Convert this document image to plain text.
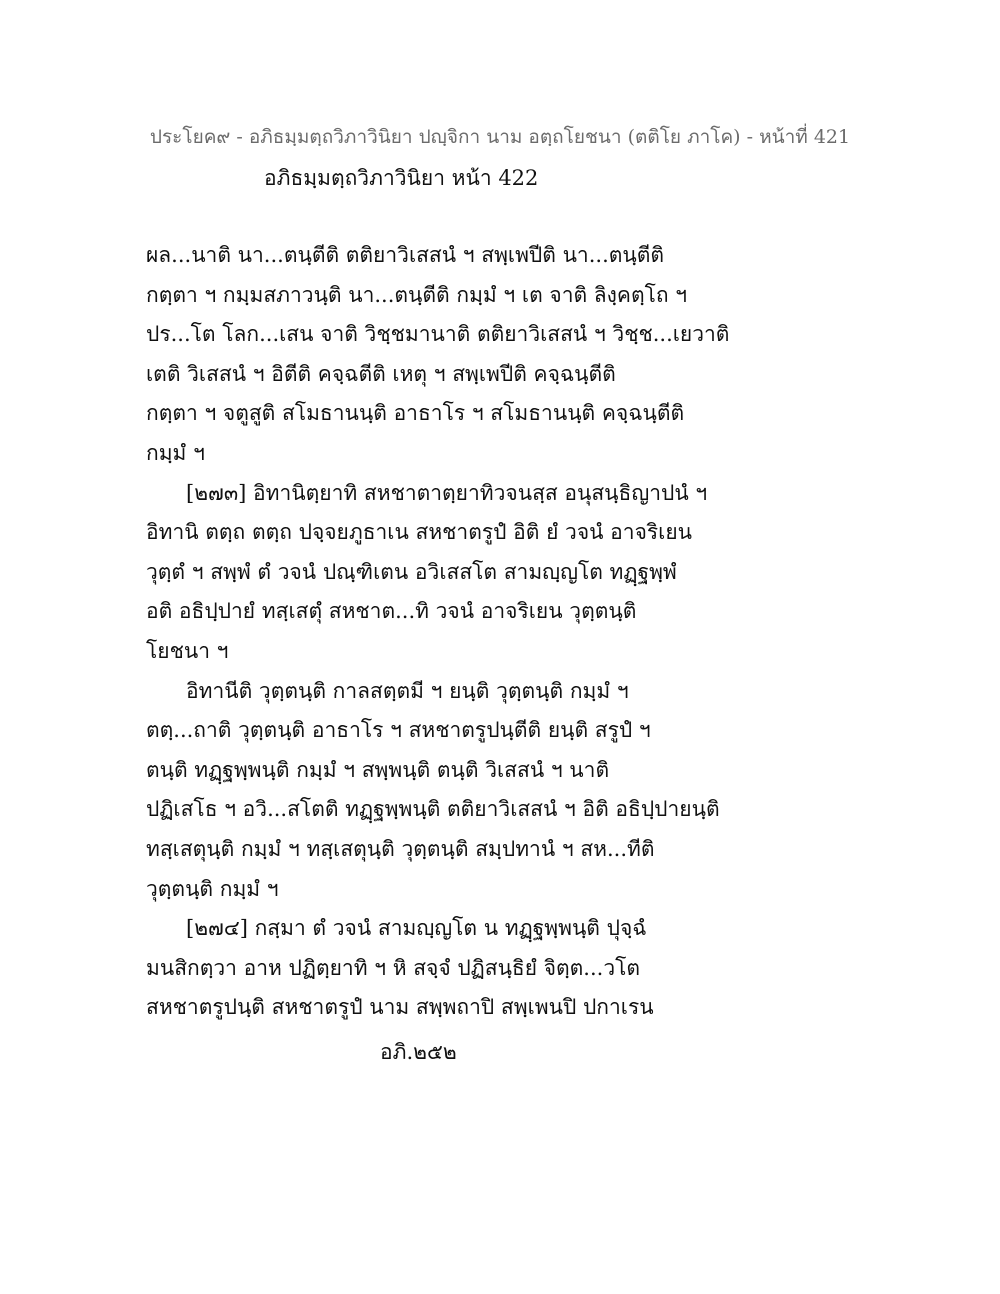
ประโยค๙ - อภิธมฺมตฺถวิภาวินิยา ปญฺจิกา นาม อตฺถโยชนา (ตติโย ภาโค) - หน้าที่ 421
อภิธมฺมตฺถวิภาวินิยา หน้า 422
ผล...นาติ นา...ตนฺตีติ ตติยาวิเสสนํ ฯ สพฺเพปีติ นา...ตนฺตีติ
กตฺตา ฯ กมฺมสภาวนฺติ นา...ตนฺตีติ กมฺมํ ฯ เต จาติ ลิงฺคตฺโถ ฯ
ปร...โต โลก...เสน จาติ วิชฺชมานาติ ตติยาวิเสสนํ ฯ วิชฺช...เยวาติ
เตติ วิเสสนํ ฯ อิตีติ คจฺฉตีติ เหตุ ฯ สพฺเพปีติ คจฺฉนฺตีติ
กตฺตา ฯ จตูสูติ สโมธานนฺติ อาธาโร ฯ สโมธานนฺติ คจฺฉนฺตีติ
กมฺมํ ฯ
[๒๗๓] อิทานิตฺยาทิ สหชาตาตฺยาทิวจนสฺส อนุสนฺธิญาปนํ ฯ
อิทานิ ตตฺถ ตตฺถ ปจฺจยภูธาเน สหชาตรูปํ อิติ ยํ วจนํ อาจริเยน
วุตฺตํ ฯ สพฺพํ ตํ วจนํ ปณฺฑิเตน อวิเสสโต สามญฺญโต ทฏฺฐพฺพํ
อติ อธิปฺปายํ ทสฺเสตุํ สหชาต...ทิ วจนํ อาจริเยน วุตฺตนฺติ
โยชนา ฯ
อิทานีติ วุตฺตนฺติ กาลสตฺตมี ฯ ยนฺติ วุตฺตนฺติ กมฺมํ ฯ
ตตฺ...ถาติ วุตฺตนฺติ อาธาโร ฯ สหชาตรูปนฺตีติ ยนฺติ สรูปํ ฯ
ตนฺติ ทฏฺฐพฺพนฺติ กมฺมํ ฯ สพฺพนฺติ ตนฺติ วิเสสนํ ฯ นาติ
ปฏิเสโธ ฯ อวิ...สโตติ ทฏฺฐพฺพนฺติ ตติยาวิเสสนํ ฯ อิติ อธิปฺปายนฺติ
ทสฺเสตุนฺติ กมฺมํ ฯ ทสฺเสตุนฺติ วุตฺตนฺติ สมฺปทานํ ฯ สห...ทีติ
วุตฺตนฺติ กมฺมํ ฯ
[๒๗๔] กสฺมา ตํ วจนํ สามญฺญโต น ทฏฺฐพฺพนฺติ ปุจฺฉํ
มนสิกตฺวา อาห ปฏิตฺยาทิ ฯ หิ สจฺจํ ปฏิสนฺธิยํ จิตฺต...วโต
สหชาตรูปนฺติ สหชาตรูปํ นาม สพฺพถาปิ สพฺเพนปิ ปกาเรน
อภิ.๒๕๒
